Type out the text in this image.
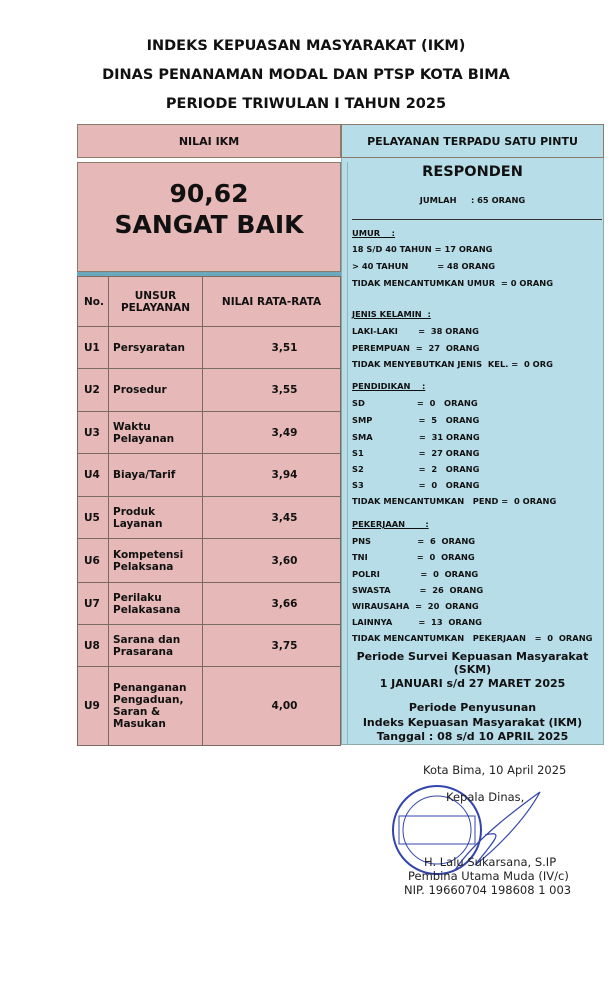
INDEKS KEPUASAN MASYARAKAT (IKM)
DINAS PENANAMAN MODAL DAN PTSP KOTA BIMA
PERIODE TRIWULAN I TAHUN 2025
NILAI IKM
90,62
SANGAT BAIK
No.	UNSUR PELAYANAN	NILAI RATA-RATA
U1	Persyaratan	3,51
U2	Prosedur	3,55
U3	Waktu Pelayanan	3,49
U4	Biaya/Tarif	3,94
U5	Produk Layanan	3,45
U6	Kompetensi Pelaksana	3,60
U7	Perilaku Pelakasana	3,66
U8	Sarana dan Prasarana	3,75
U9	Penanganan Pengaduan, Saran & Masukan	4,00
PELAYANAN TERPADU SATU PINTU
RESPONDEN
JUMLAH     : 65 ORANG
UMUR    :
18 S/D 40 TAHUN = 17 ORANG
> 40 TAHUN          = 48 ORANG
TIDAK MENCANTUMKAN UMUR  = 0 ORANG
JENIS KELAMIN  :
LAKI-LAKI       =  38 ORANG
PEREMPUAN  =  27  ORANG
TIDAK MENYEBUTKAN JENIS  KEL. =  0 ORG
PENDIDIKAN    :
SD                  =  0   ORANG
SMP                =  5   ORANG
SMA                =  31 ORANG
S1                   =  27 ORANG
S2                   =  2   ORANG
S3                   =  0   ORANG
TIDAK MENCANTUMKAN   PEND =  0 ORANG
PEKERJAAN       :
PNS                =  6  ORANG
TNI                 =  0  ORANG
POLRI              =  0  ORANG
SWASTA          =  26  ORANG
WIRAUSAHA  =  20  ORANG
LAINNYA         =  13  ORANG
TIDAK MENCANTUMKAN   PEKERJAAN   =  0  ORANG
Periode Survei Kepuasan Masyarakat (SKM)
1 JANUARI s/d 27 MARET 2025
Periode Penyusunan
Indeks Kepuasan Masyarakat (IKM)
Tanggal : 08 s/d 10 APRIL 2025
Kota Bima, 10 April 2025
Kepala Dinas,
H. Lalu Sukarsana, S.IP
Pembina Utama Muda (IV/c)
NIP. 19660704 198608 1 003
